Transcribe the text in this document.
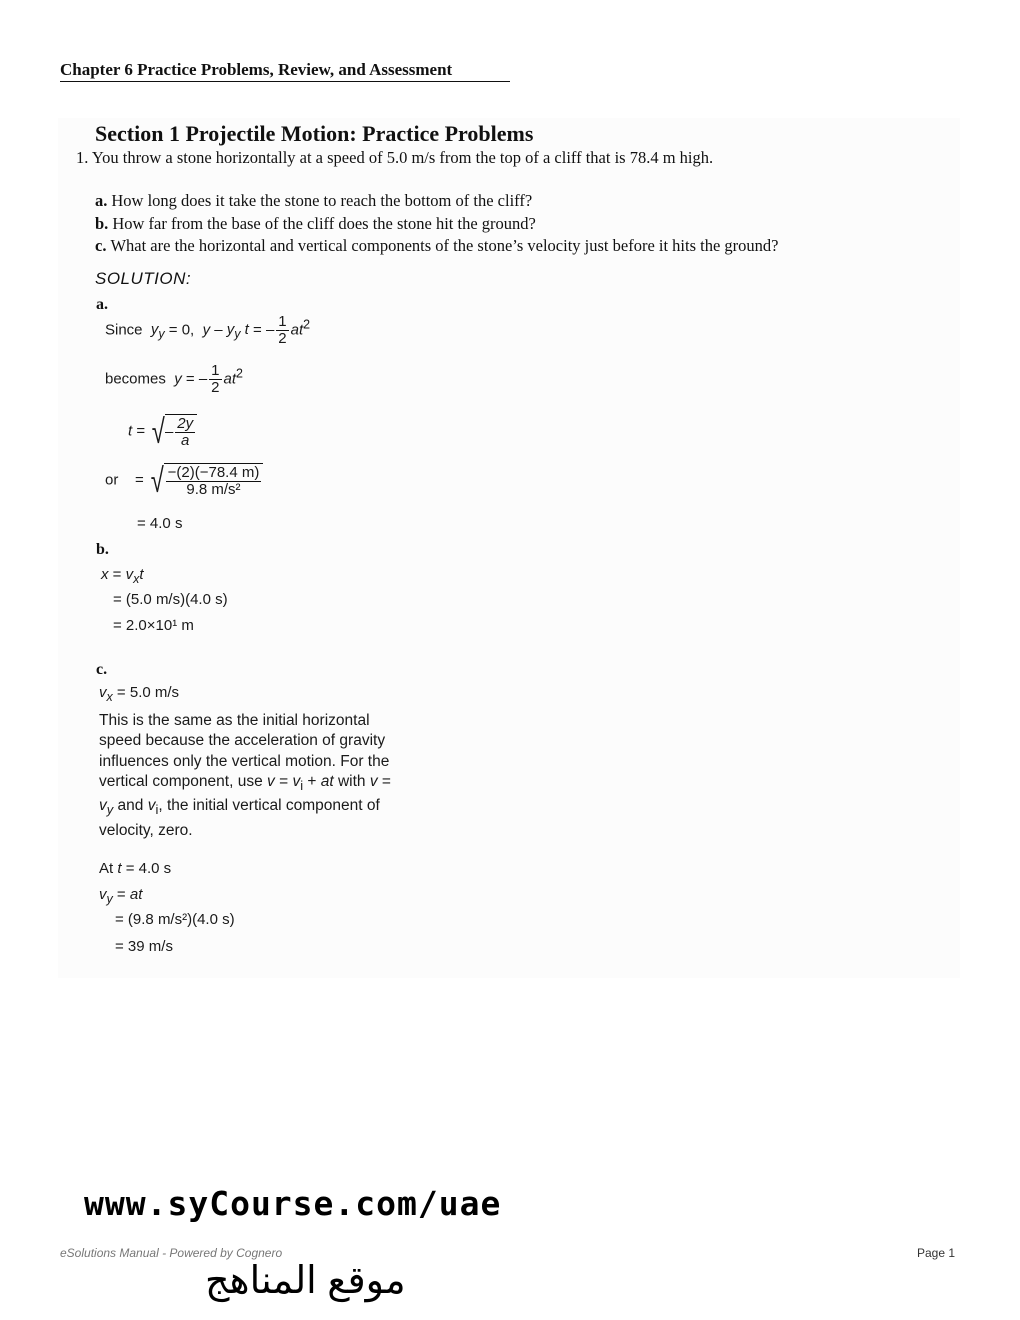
Chapter 6 Practice Problems, Review, and Assessment
Section 1 Projectile Motion: Practice Problems
1. You throw a stone horizontally at a speed of 5.0 m/s from the top of a cliff that is 78.4 m high.
a. How long does it take the stone to reach the bottom of the cliff?
b. How far from the base of the cliff does the stone hit the ground?
c. What are the horizontal and vertical components of the stone’s velocity just before it hits the ground?
SOLUTION:
a.
Since $y_y = 0$,  y – $y_y$ t = – $\frac{1}{2} at^2$
becomes y = – $\frac{1}{2} at^2$
t = √– $\frac{2y}{a}$
or    = √ $\frac{-(2)(-78.4 m)}{\text{9.8 m/s²}}$
= 4.0 s
b.
$x = v_xt$
= (5.0 m/s)(4.0 s)
= 2.0×10¹ m
c.
$v_x = 5.0$ m/s
This is the same as the initial horizontal speed because the acceleration of gravity influences only the vertical motion. For the vertical component, use $v = v_i$ + at with $v = v_y$ and $v_i$, the initial vertical component of velocity, zero.
At t = 4.0 s
$v_y$ = at
= (9.8 m/s²)(4.0 s)
= 39 m/s
www.syCourse.com/uae
eSolutions Manual - Powered by Cognero	Page 1
موقع المناهج
